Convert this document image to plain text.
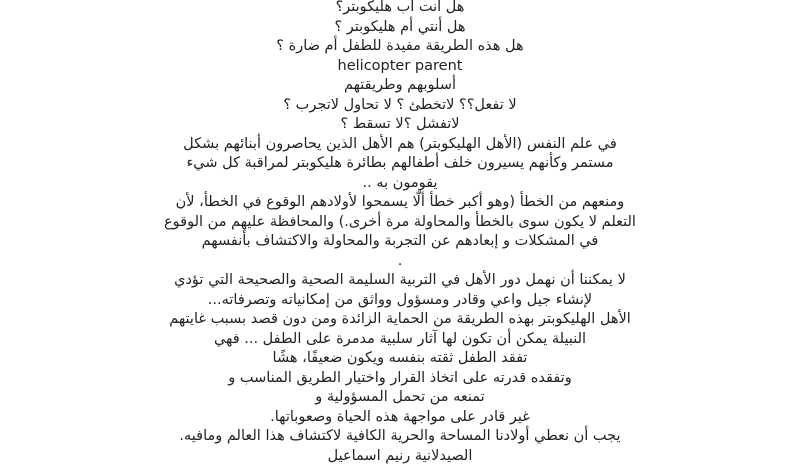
هل أنت أب هليكوبتر؟
هل أنتي أم هليكوبتر ؟
هل هذه الطريقة مفيدة للطفل أم ضارة ؟
helicopter parent
أسلوبهم وطريقتهم
لا تفعل؟؟ لاتخطئ ؟ لا تحاول لاتجرب ؟
لاتفشل ؟لا تسقط ؟
في علم النفس (الأهل الهليكوبتر) هم الأهل الذين يحاصرون أبنائهم بشكل
مستمر وكأنهم يسيرون خلف أطفالهم بطائرة هليكوبتر لمراقبة كل شيء
يقومون به ..
ومنعهم من الخطأ (وهو أكبر خطأ ألّا يسمحوا لأولادهم الوقوع في الخطأ، لأن
التعلم لا يكون سوى بالخطأ والمحاولة مرة أخرى.) والمحافظة عليهم من الوقوع
في المشكلات و إبعادهم عن التجربة والمحاولة والاكتشاف بأنفسهم
.
لا يمكننا أن نهمل دور الأهل في التربية السليمة الصحية والصحيحة التي تؤدي
لإنشاء جيل واعي وقادر ومسؤول وواثق من إمكانياته وتصرفاته...
الأهل الهليكوبتر بهذه الطريقة من الحماية الزائدة ومن دون قصد بسبب غايتهم
النبيلة يمكن أن تكون لها آثار سلبية مدمرة على الطفل ... فهي
تفقد الطفل ثقته بنفسه ويكون ضعيفًا، هشًا
وتفقده قدرته على اتخاذ القرار واختيار الطريق المناسب و
تمنعه من تحمل المسؤولية و
غير قادر على مواجهة هذه الحياة وصعوباتها.
يجب أن نعطي أولادنا المساحة والحرية الكافية لاكتشاف هذا العالم ومافيه.
الصيدلانية رنيم اسماعيل
